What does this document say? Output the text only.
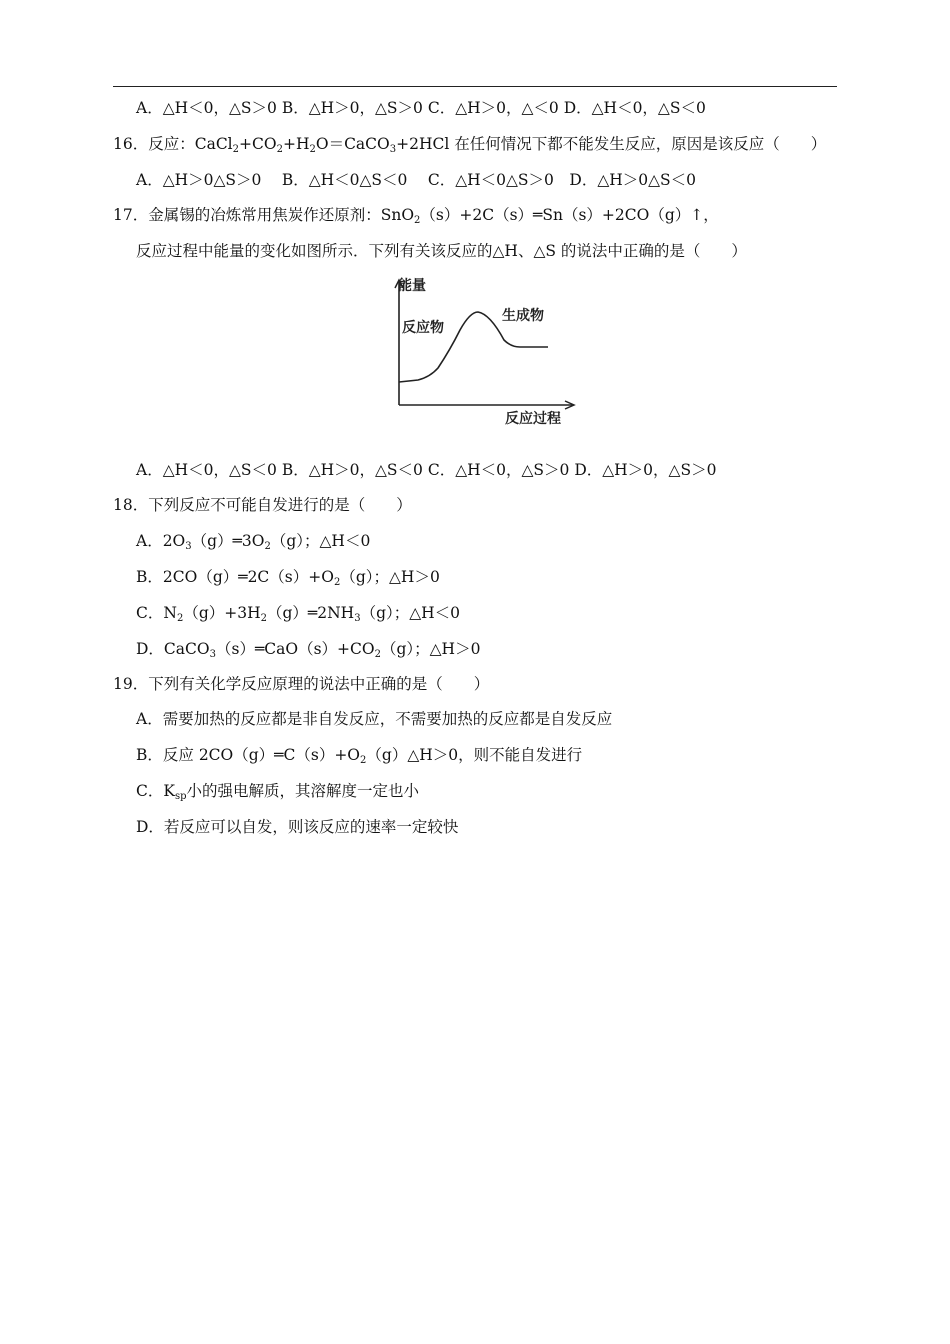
A．△H＜0，△S＞0 B．△H＞0，△S＞0 C．△H＞0，△＜0 D．△H＜0，△S＜0
16．反应：$CaCl_2+CO_2+H_2O=CaCO_3+2HCl$ 在任何情况下都不能发生反应，原因是该反应（　　）
A．△H＞0△S＞0　 B．△H＜0△S＜0　 C．△H＜0△S＞0　D．△H＞0△S＜0
17．金属锡的冶炼常用焦炭作还原剂：SnO$_2$（s）+2C（s）═Sn（s）+2CO（g）↑，
反应过程中能量的变化如图所示．下列有关该反应的△H、△S 的说法中正确的是（　　）
能量
反应物
生成物
反应过程
A．△H＜0，△S＜0 B．△H＞0，△S＜0 C．△H＜0，△S＞0 D．△H＞0，△S＞0
18．下列反应不可能自发进行的是（　　）
A．$2O_3(g)═3O_2(g)$；△H＜0
B．$2CO(g)═2C(s)+O_2(g)$；△H＞0
C．$N_2(g)+3H_2(g)═2NH_3(g)$；△H＜0
D．$CaCO_3(s)═CaO(s)+CO_2(g)$；△H＞0
19．下列有关化学反应原理的说法中正确的是（　　）
A．需要加热的反应都是非自发反应，不需要加热的反应都是自发反应
B．反应 $2CO(g)═C(s)+O_2(g)\triangle H>0$，则不能自发进行
C．$K_{sp}$小的强电解质，其溶解度一定也小
D．若反应可以自发，则该反应的速率一定较快
